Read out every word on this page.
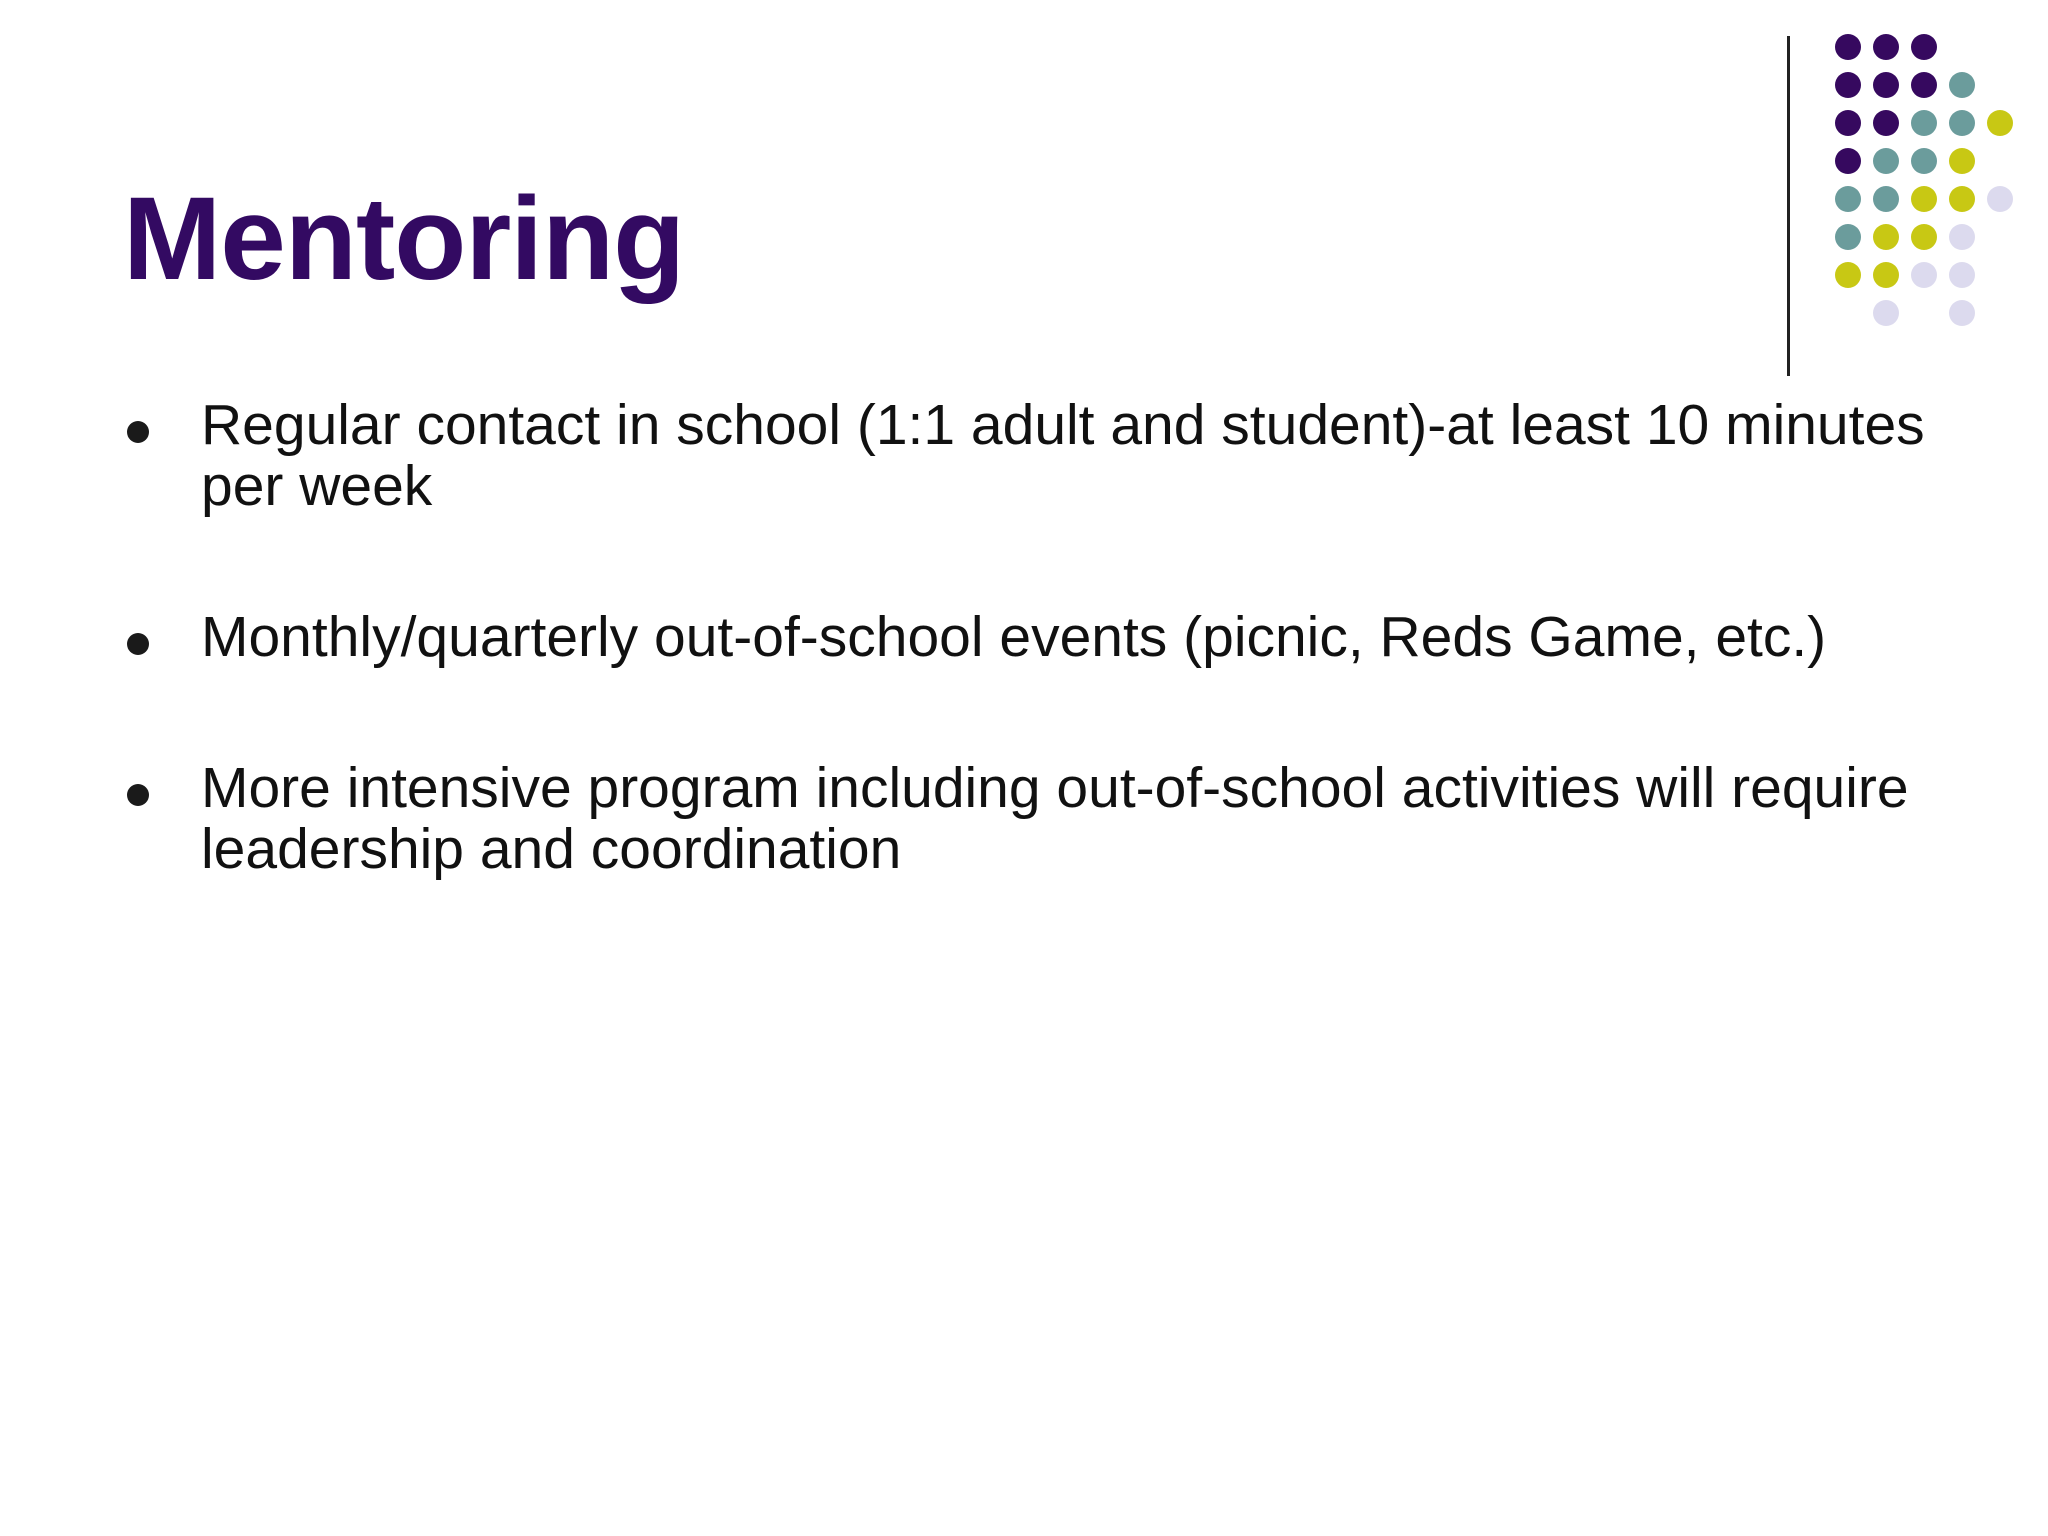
Mentoring
Regular contact in school (1:1 adult and student)-at least 10 minutes per week
Monthly/quarterly out-of-school events (picnic, Reds Game, etc.)
More intensive program including out-of-school activities will require leadership and coordination
